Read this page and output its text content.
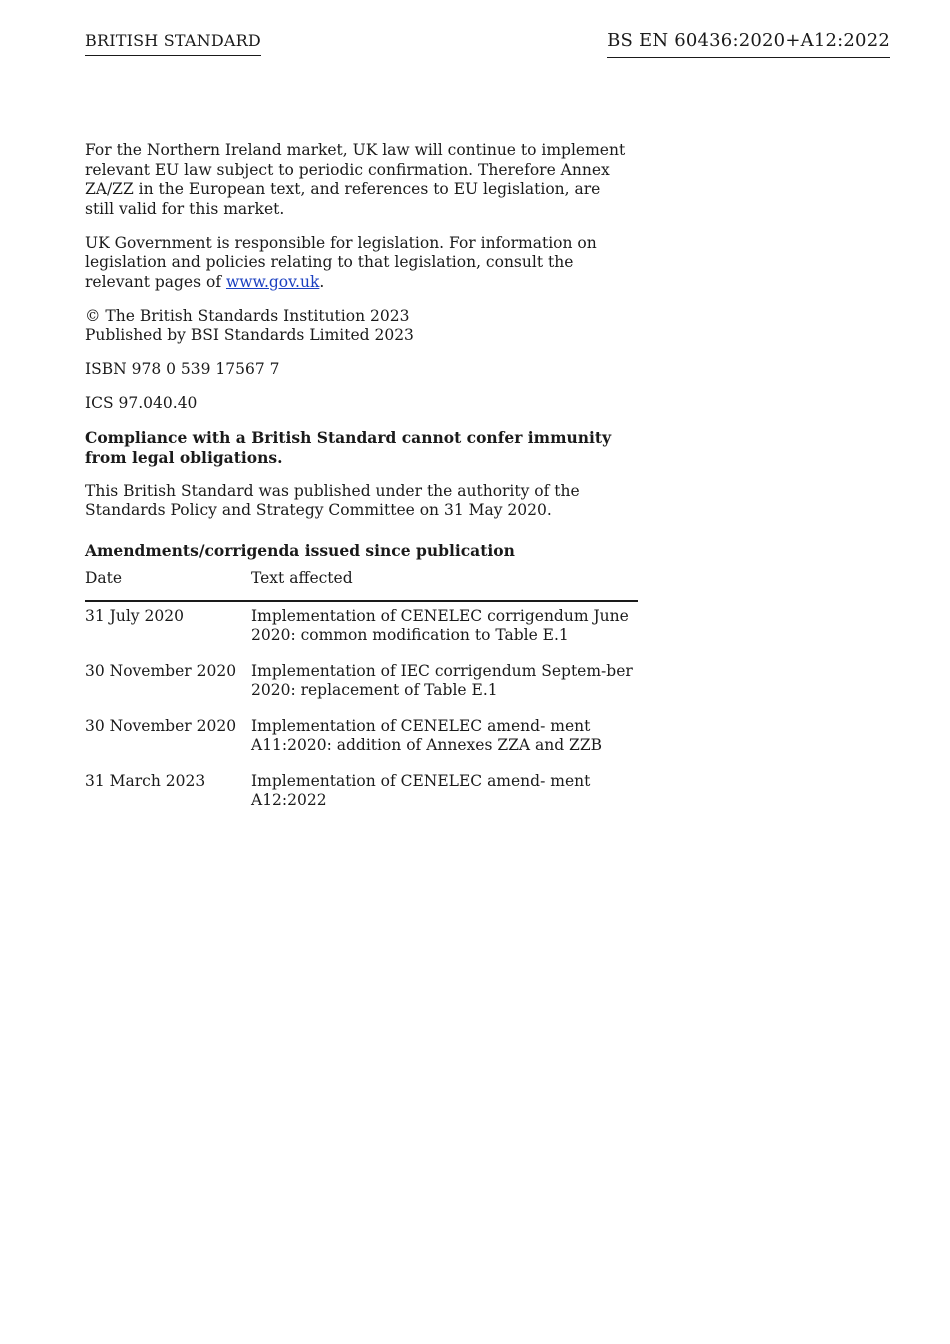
BRITISH STANDARD	BS EN 60436:2020+A12:2022

For the Northern Ireland market, UK law will continue to implement relevant EU law subject to periodic confirmation. Therefore Annex ZA/ZZ in the European text, and references to EU legislation, are still valid for this market.

UK Government is responsible for legislation. For information on legislation and policies relating to that legislation, consult the relevant pages of www.gov.uk.

© The British Standards Institution 2023
Published by BSI Standards Limited 2023

ISBN 978 0 539 17567 7

ICS 97.040.40

Compliance with a British Standard cannot confer immunity from legal obligations.

This British Standard was published under the authority of the Standards Policy and Strategy Committee on 31 May 2020.

Amendments/corrigenda issued since publication
Date	Text affected
31 July 2020	Implementation of CENELEC corrigendum June 2020: common modification to Table E.1
30 November 2020	Implementation of IEC corrigendum Septem-ber 2020: replacement of Table E.1
30 November 2020	Implementation of CENELEC amend- ment A11:2020: addition of Annexes ZZA and ZZB
31 March 2023	Implementation of CENELEC amend- ment A12:2022
